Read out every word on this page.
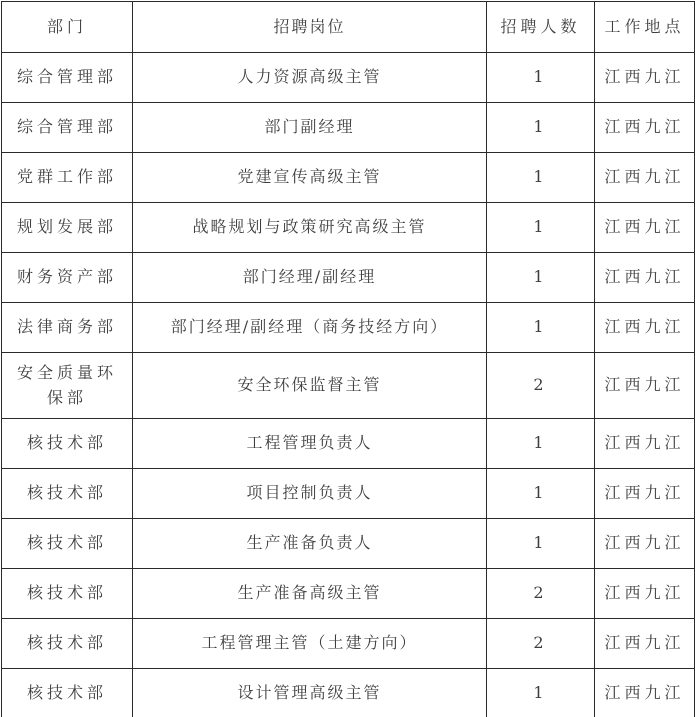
部门	招聘岗位	招聘人数	工作地点
综合管理部	人力资源高级主管	1	江西九江
综合管理部	部门副经理	1	江西九江
党群工作部	党建宣传高级主管	1	江西九江
规划发展部	战略规划与政策研究高级主管	1	江西九江
财务资产部	部门经理/副经理	1	江西九江
法律商务部	部门经理/副经理（商务技经方向）	1	江西九江
安全质量环保部	安全环保监督主管	2	江西九江
核技术部	工程管理负责人	1	江西九江
核技术部	项目控制负责人	1	江西九江
核技术部	生产准备负责人	1	江西九江
核技术部	生产准备高级主管	2	江西九江
核技术部	工程管理主管（土建方向）	2	江西九江
核技术部	设计管理高级主管	1	江西九江
